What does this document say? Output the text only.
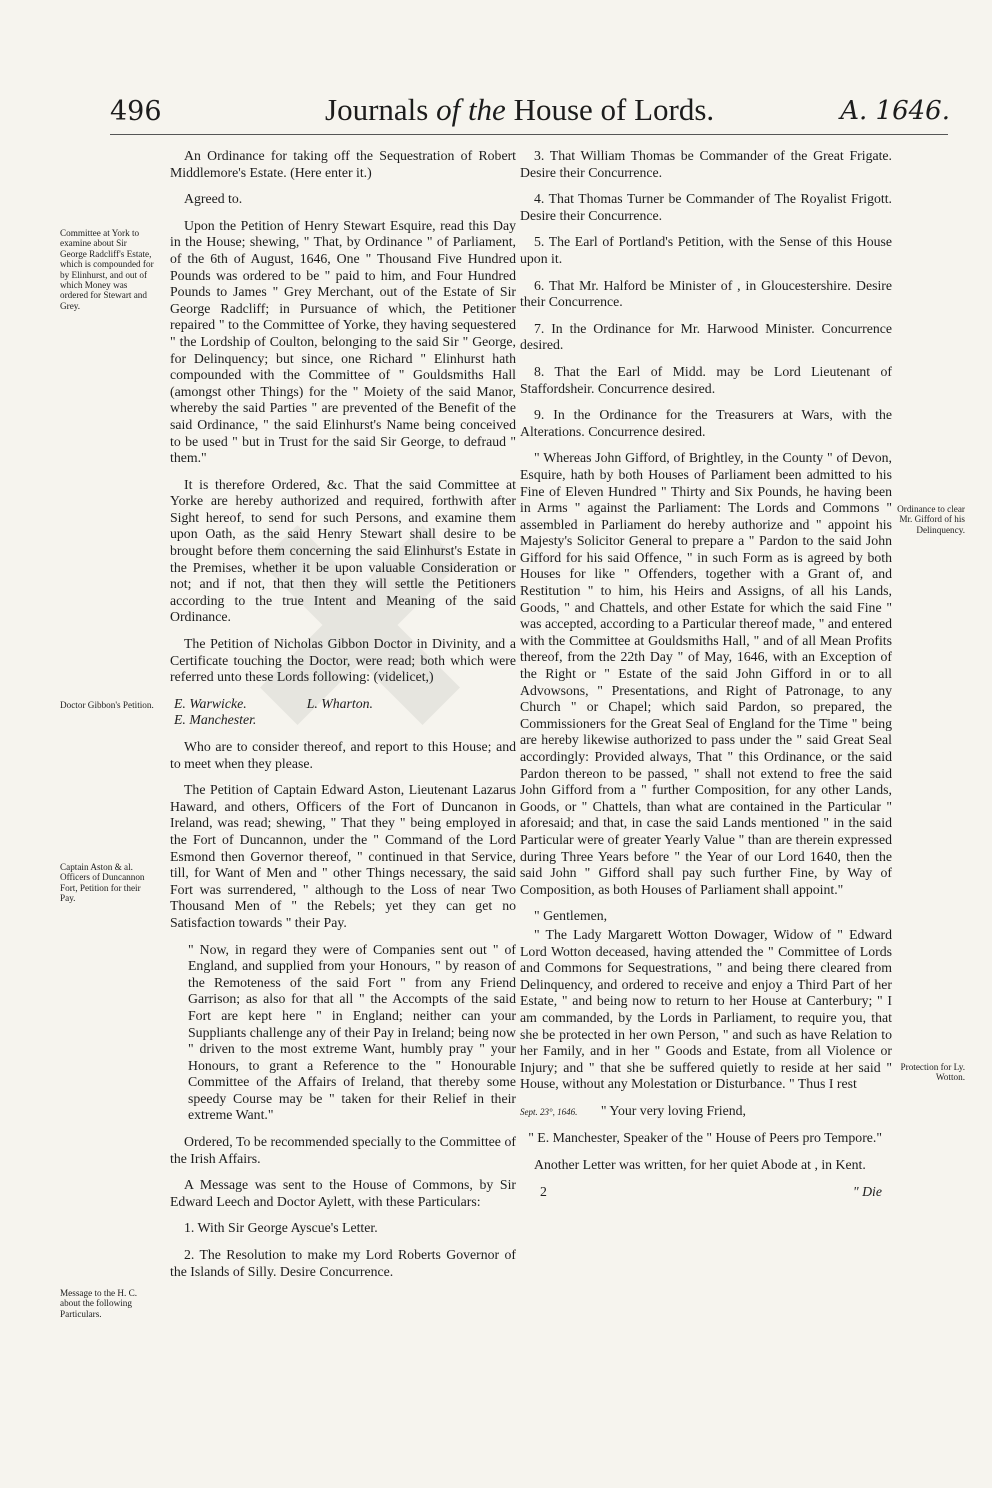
496	Journals of the House of Lords.	A. 1646.
Committee at York to examine about Sir George Radcliff's Estate, which is compounded for by Elinhurst, and out of which Money was ordered for Stewart and Grey.
Doctor Gibbon's Petition.
Captain Aston & al. Officers of Duncannon Fort, Petition for their Pay.
Message to the H. C. about the following Particulars.
Ordinance to clear Mr. Gifford of his Delinquency.
Protection for Ly. Wotton.

An Ordinance for taking off the Sequestration of Robert Middlemore's Estate. (Here enter it.)

Agreed to.

Upon the Petition of Henry Stewart Esquire, read this Day in the House; shewing, " That, by Ordinance " of Parliament, of the 6th of August, 1646, One " Thousand Five Hundred Pounds was ordered to be " paid to him, and Four Hundred Pounds to James " Grey Merchant, out of the Estate of Sir George Radcliff; in Pursuance of which, the Petitioner repaired " to the Committee of Yorke, they having sequestered " the Lordship of Coulton, belonging to the said Sir " George, for Delinquency; but since, one Richard " Elinhurst hath compounded with the Committee of " Gouldsmiths Hall (amongst other Things) for the " Moiety of the said Manor, whereby the said Parties " are prevented of the Benefit of the said Ordinance, " the said Elinhurst's Name being conceived to be used " but in Trust for the said Sir George, to defraud " them."

It is therefore Ordered, &c. That the said Committee at Yorke are hereby authorized and required, forthwith after Sight hereof, to send for such Persons, and examine them upon Oath, as the said Henry Stewart shall desire to be brought before them concerning the said Elinhurst's Estate in the Premises, whether it be upon valuable Consideration or not; and if not, that then they will settle the Petitioners according to the true Intent and Meaning of the said Ordinance.

The Petition of Nicholas Gibbon Doctor in Divinity, and a Certificate touching the Doctor, were read; both which were referred unto these Lords following: (videlicet,)

E. Warwicke.	L. Wharton.

E. Manchester.

Who are to consider thereof, and report to this House; and to meet when they please.

The Petition of Captain Edward Aston, Lieutenant Lazarus Haward, and others, Officers of the Fort of Duncanon in Ireland, was read; shewing, " That they " being employed in the Fort of Duncannon, under the " Command of the Lord Esmond then Governor thereof, " continued in that Service, till, for Want of Men and " other Things necessary, the said Fort was surrendered, " although to the Loss of near Two Thousand Men of " the Rebels; yet they can get no Satisfaction towards " their Pay.

" Now, in regard they were of Companies sent out " of England, and supplied from your Honours, " by reason of the Remoteness of the said Fort " from any Friend Garrison; as also for that all " the Accompts of the said Fort are kept here " in England; neither can your Suppliants challenge any of their Pay in Ireland; being now " driven to the most extreme Want, humbly pray " your Honours, to grant a Reference to the " Honourable Committee of the Affairs of Ireland, that thereby some speedy Course may be " taken for their Relief in their extreme Want."

Ordered, To be recommended specially to the Committee of the Irish Affairs.

A Message was sent to the House of Commons, by Sir Edward Leech and Doctor Aylett, with these Particulars:

1. With Sir George Ayscue's Letter.

2. The Resolution to make my Lord Roberts Governor of the Islands of Silly. Desire Concurrence.

3. That William Thomas be Commander of the Great Frigate. Desire their Concurrence.

4. That Thomas Turner be Commander of The Royalist Frigott. Desire their Concurrence.

5. The Earl of Portland's Petition, with the Sense of this House upon it.

6. That Mr. Halford be Minister of , in Gloucestershire. Desire their Concurrence.

7. In the Ordinance for Mr. Harwood Minister. Concurrence desired.

8. That the Earl of Midd. may be Lord Lieutenant of Staffordsheir. Concurrence desired.

9. In the Ordinance for the Treasurers at Wars, with the Alterations. Concurrence desired.

" Whereas John Gifford, of Brightley, in the County " of Devon, Esquire, hath by both Houses of Parliament been admitted to his Fine of Eleven Hundred " Thirty and Six Pounds, he having been in Arms " against the Parliament: The Lords and Commons " assembled in Parliament do hereby authorize and " appoint his Majesty's Solicitor General to prepare a " Pardon to the said John Gifford for his said Offence, " in such Form as is agreed by both Houses for like " Offenders, together with a Grant of, and Restitution " to him, his Heirs and Assigns, of all his Lands, Goods, " and Chattels, and other Estate for which the said Fine " was accepted, according to a Particular thereof made, " and entered with the Committee at Gouldsmiths Hall, " and of all Mean Profits thereof, from the 22th Day " of May, 1646, with an Exception of the Right or " Estate of the said John Gifford in or to all Advowsons, " Presentations, and Right of Patronage, to any Church " or Chapel; which said Pardon, so prepared, the Commissioners for the Great Seal of England for the Time " being are hereby likewise authorized to pass under the " said Great Seal accordingly: Provided always, That " this Ordinance, or the said Pardon thereon to be passed, " shall not extend to free the said John Gifford from a " further Composition, for any other Lands, Goods, or " Chattels, than what are contained in the Particular " aforesaid; and that, in case the said Lands mentioned " in the said Particular were of greater Yearly Value " than are therein expressed during Three Years before " the Year of our Lord 1640, then the said John " Gifford shall pay such further Fine, by Way of Composition, as both Houses of Parliament shall appoint."

" Gentlemen,

" The Lady Margarett Wotton Dowager, Widow of " Edward Lord Wotton deceased, having attended the " Committee of Lords and Commons for Sequestrations, " and being there cleared from Delinquency, and ordered to receive and enjoy a Third Part of her Estate, " and being now to return to her House at Canterbury; " I am commanded, by the Lords in Parliament, to require you, that she be protected in her own Person, " and such as have Relation to her Family, and in her " Goods and Estate, from all Violence or Injury; and " that she be suffered quietly to reside at her said " House, without any Molestation or Disturbance. " Thus I rest

Sept. 23°, 1646. " Your very loving Friend,

" E. Manchester, Speaker of the " House of Peers pro Tempore."

Another Letter was written, for her quiet Abode at , in Kent.

2	" Die
